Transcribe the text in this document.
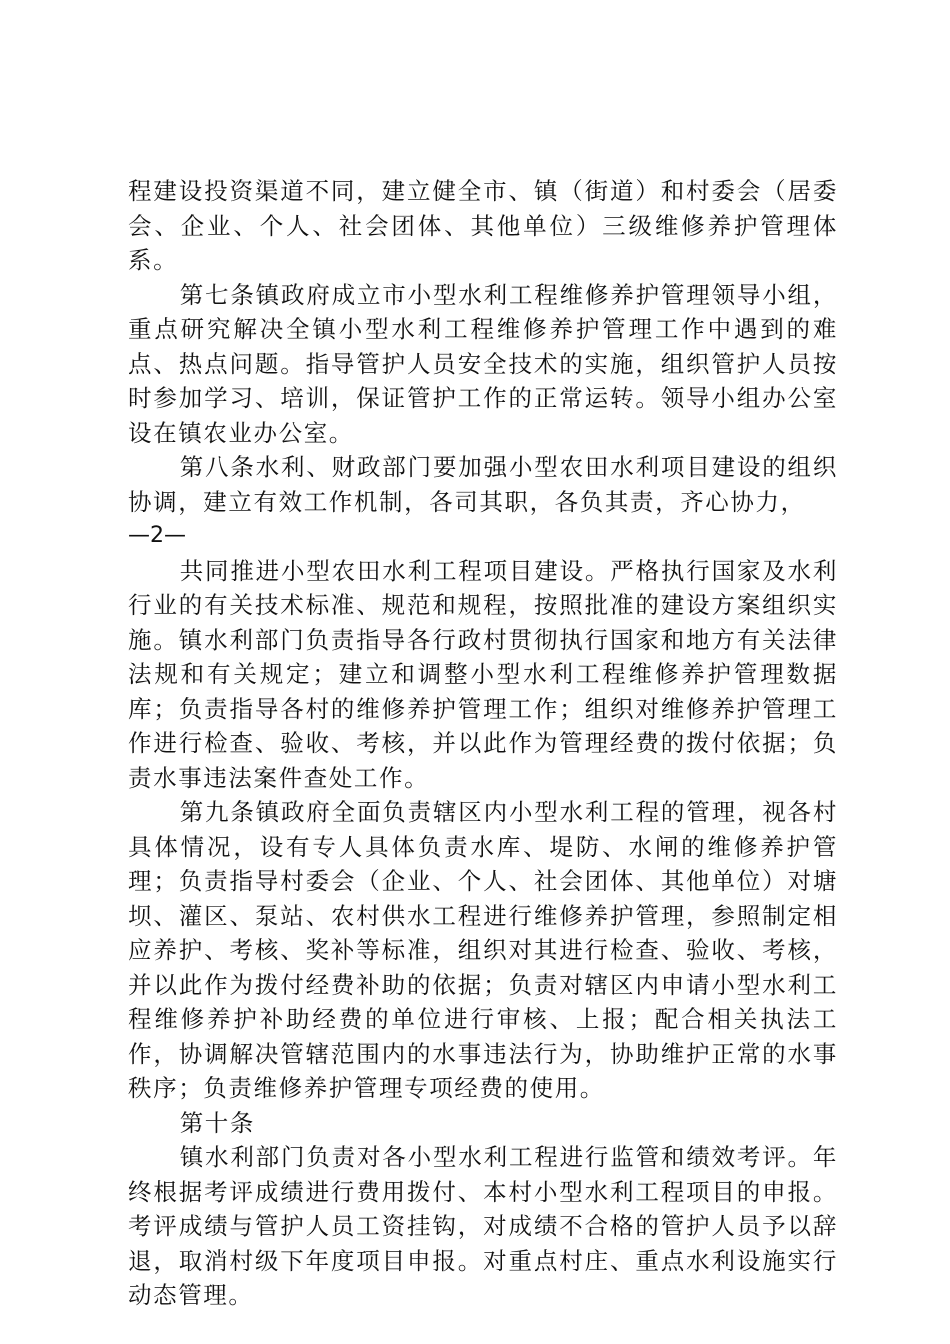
程建设投资渠道不同，建立健全市、镇（街道）和村委会（居委会、企业、个人、社会团体、其他单位）三级维修养护管理体系。

第七条镇政府成立市小型水利工程维修养护管理领导小组，重点研究解决全镇小型水利工程维修养护管理工作中遇到的难点、热点问题。指导管护人员安全技术的实施，组织管护人员按时参加学习、培训，保证管护工作的正常运转。领导小组办公室设在镇农业办公室。

第八条水利、财政部门要加强小型农田水利项目建设的组织协调，建立有效工作机制，各司其职，各负其责，齐心协力，

—2—

共同推进小型农田水利工程项目建设。严格执行国家及水利行业的有关技术标准、规范和规程，按照批准的建设方案组织实施。镇水利部门负责指导各行政村贯彻执行国家和地方有关法律法规和有关规定；建立和调整小型水利工程维修养护管理数据库；负责指导各村的维修养护管理工作；组织对维修养护管理工作进行检查、验收、考核，并以此作为管理经费的拨付依据；负责水事违法案件查处工作。

第九条镇政府全面负责辖区内小型水利工程的管理，视各村具体情况，设有专人具体负责水库、堤防、水闸的维修养护管理；负责指导村委会（企业、个人、社会团体、其他单位）对塘坝、灌区、泵站、农村供水工程进行维修养护管理，参照制定相应养护、考核、奖补等标准，组织对其进行检查、验收、考核，并以此作为拨付经费补助的依据；负责对辖区内申请小型水利工程维修养护补助经费的单位进行审核、上报；配合相关执法工作，协调解决管辖范围内的水事违法行为，协助维护正常的水事秩序；负责维修养护管理专项经费的使用。

第十条

镇水利部门负责对各小型水利工程进行监管和绩效考评。年终根据考评成绩进行费用拨付、本村小型水利工程项目的申报。考评成绩与管护人员工资挂钩，对成绩不合格的管护人员予以辞退，取消村级下年度项目申报。对重点村庄、重点水利设施实行动态管理。
